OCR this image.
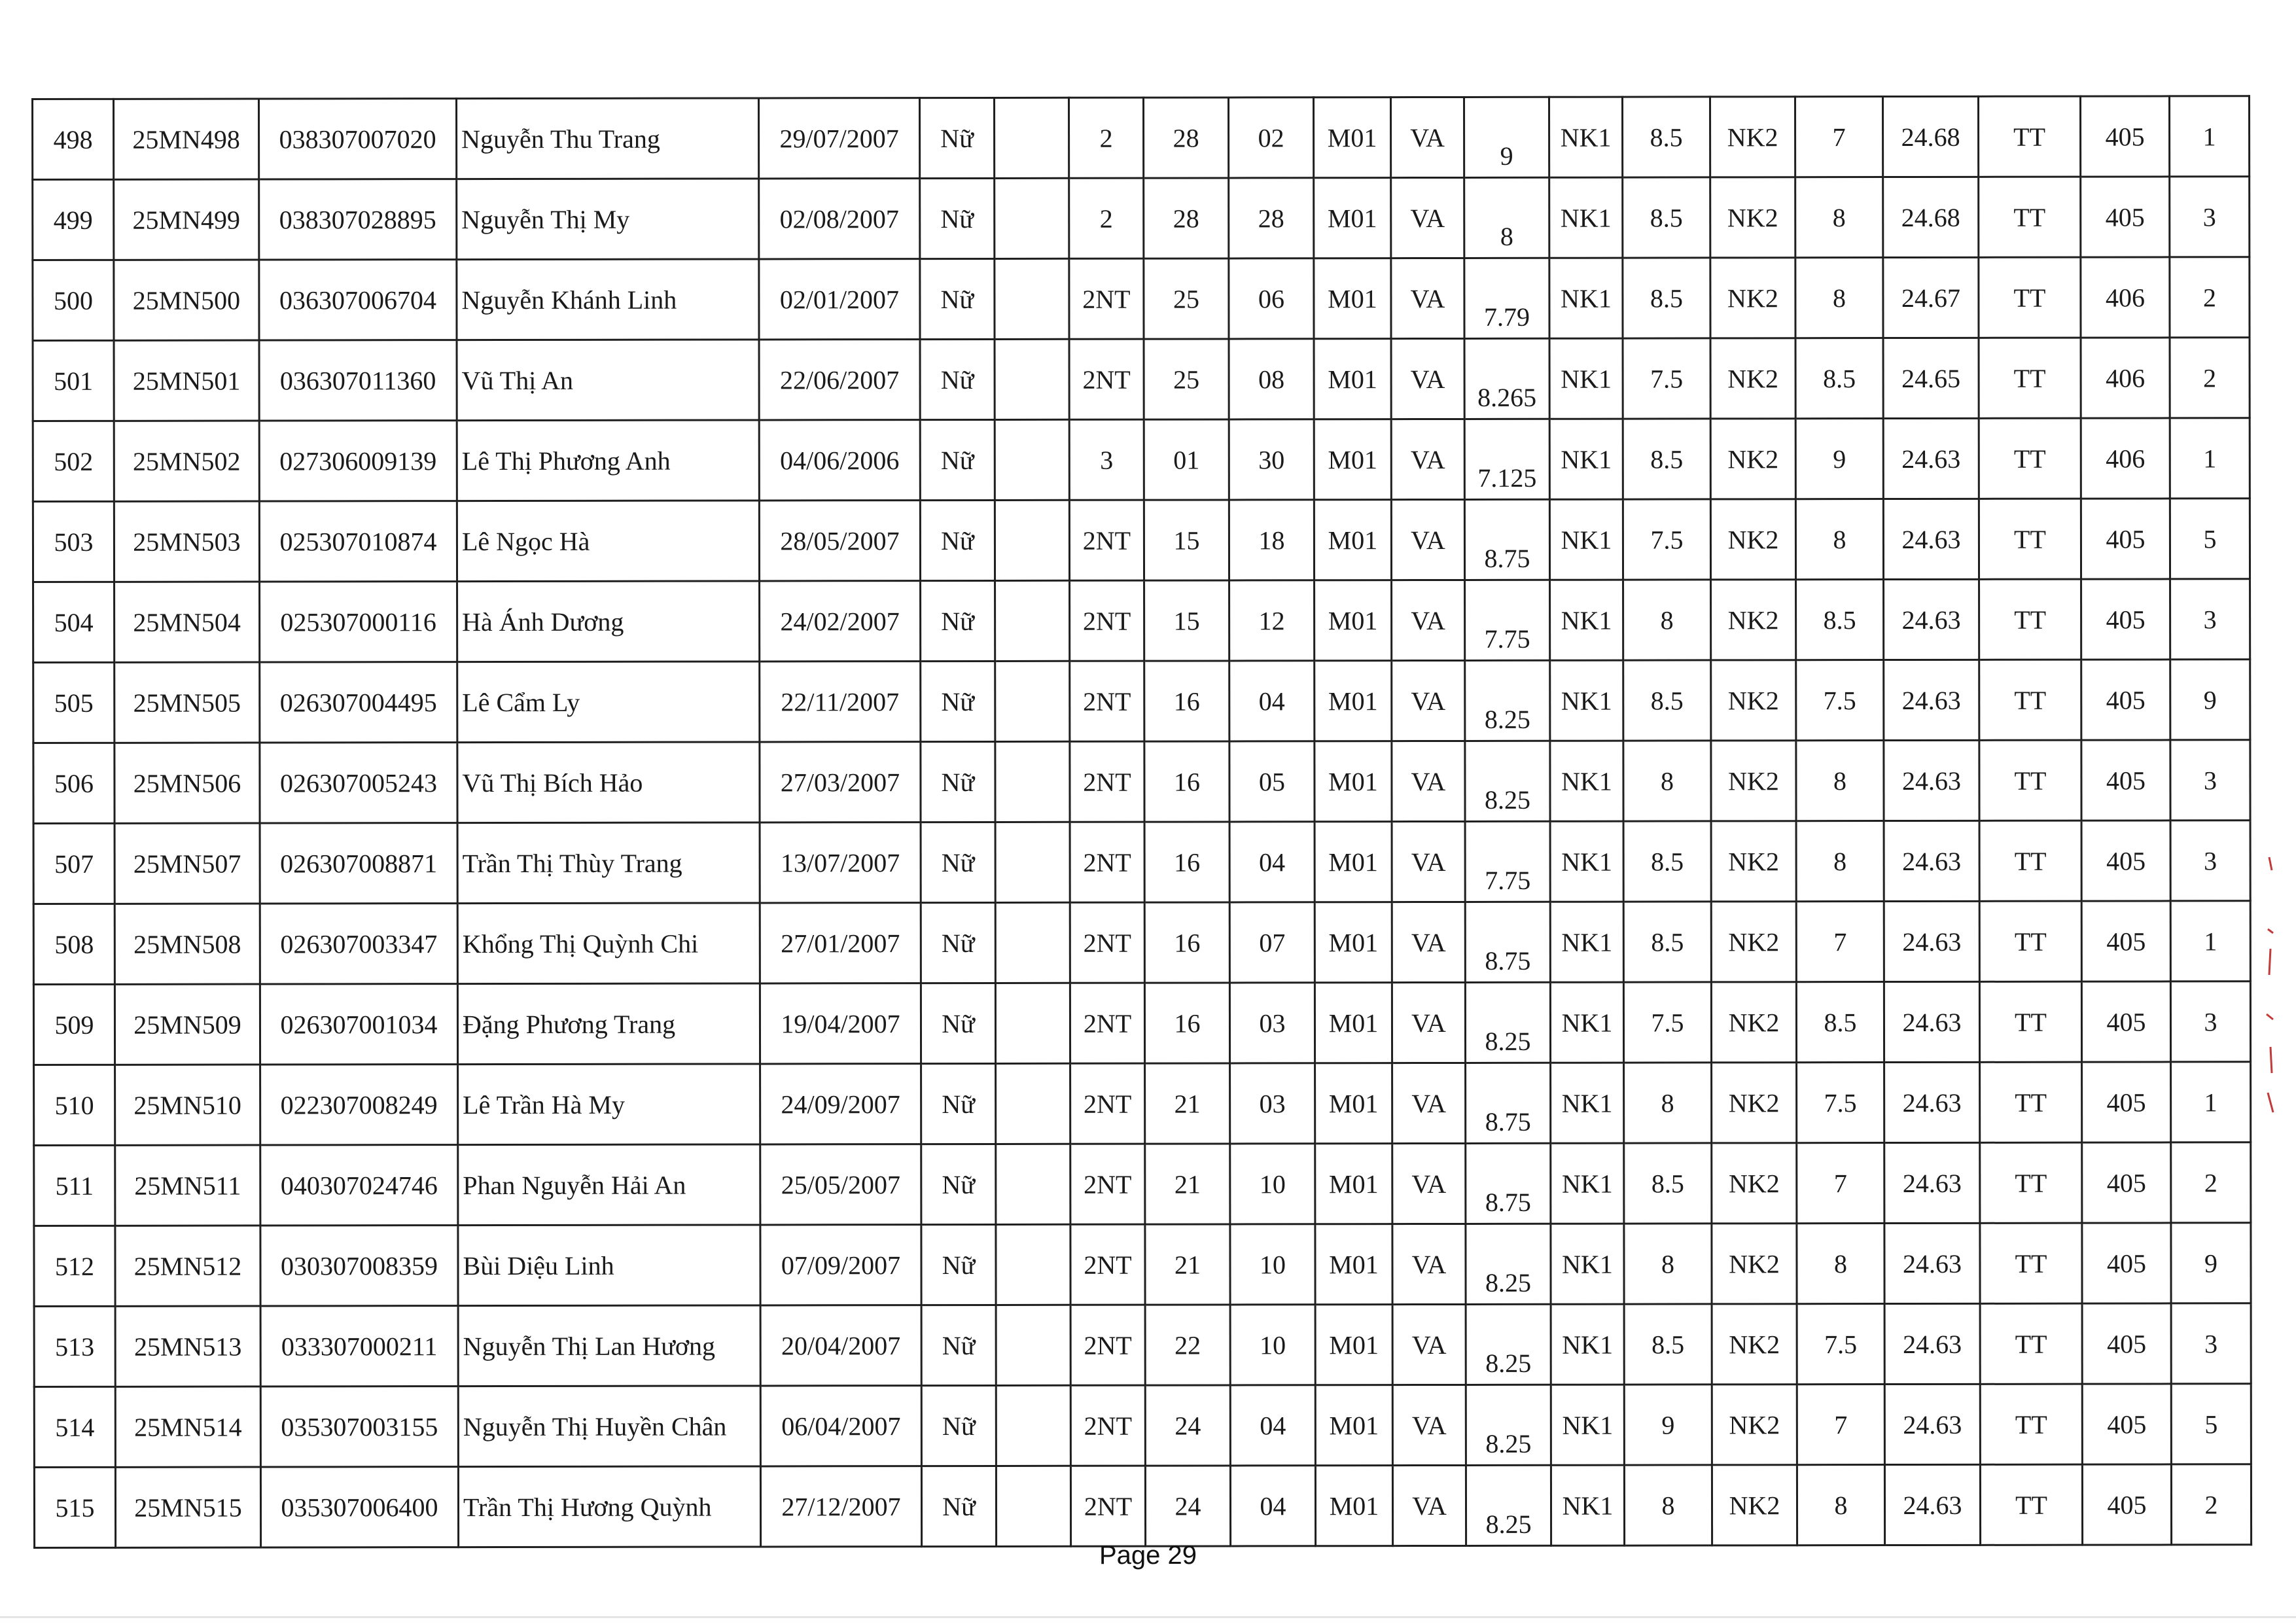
498	25MN498	038307007020	Nguyễn Thu Trang	29/07/2007	Nữ		2	28	02	M01	VA	9	NK1	8.5	NK2	7	24.68	TT	405	1
499	25MN499	038307028895	Nguyễn Thị My	02/08/2007	Nữ		2	28	28	M01	VA	8	NK1	8.5	NK2	8	24.68	TT	405	3
500	25MN500	036307006704	Nguyễn Khánh Linh	02/01/2007	Nữ		2NT	25	06	M01	VA	7.79	NK1	8.5	NK2	8	24.67	TT	406	2
501	25MN501	036307011360	Vũ Thị An	22/06/2007	Nữ		2NT	25	08	M01	VA	8.265	NK1	7.5	NK2	8.5	24.65	TT	406	2
502	25MN502	027306009139	Lê Thị Phương Anh	04/06/2006	Nữ		3	01	30	M01	VA	7.125	NK1	8.5	NK2	9	24.63	TT	406	1
503	25MN503	025307010874	Lê Ngọc Hà	28/05/2007	Nữ		2NT	15	18	M01	VA	8.75	NK1	7.5	NK2	8	24.63	TT	405	5
504	25MN504	025307000116	Hà Ánh Dương	24/02/2007	Nữ		2NT	15	12	M01	VA	7.75	NK1	8	NK2	8.5	24.63	TT	405	3
505	25MN505	026307004495	Lê Cẩm Ly	22/11/2007	Nữ		2NT	16	04	M01	VA	8.25	NK1	8.5	NK2	7.5	24.63	TT	405	9
506	25MN506	026307005243	Vũ Thị Bích Hảo	27/03/2007	Nữ		2NT	16	05	M01	VA	8.25	NK1	8	NK2	8	24.63	TT	405	3
507	25MN507	026307008871	Trần Thị Thùy Trang	13/07/2007	Nữ		2NT	16	04	M01	VA	7.75	NK1	8.5	NK2	8	24.63	TT	405	3
508	25MN508	026307003347	Khổng Thị Quỳnh Chi	27/01/2007	Nữ		2NT	16	07	M01	VA	8.75	NK1	8.5	NK2	7	24.63	TT	405	1
509	25MN509	026307001034	Đặng Phương Trang	19/04/2007	Nữ		2NT	16	03	M01	VA	8.25	NK1	7.5	NK2	8.5	24.63	TT	405	3
510	25MN510	022307008249	Lê Trần Hà My	24/09/2007	Nữ		2NT	21	03	M01	VA	8.75	NK1	8	NK2	7.5	24.63	TT	405	1
511	25MN511	040307024746	Phan Nguyễn Hải An	25/05/2007	Nữ		2NT	21	10	M01	VA	8.75	NK1	8.5	NK2	7	24.63	TT	405	2
512	25MN512	030307008359	Bùi Diệu Linh	07/09/2007	Nữ		2NT	21	10	M01	VA	8.25	NK1	8	NK2	8	24.63	TT	405	9
513	25MN513	033307000211	Nguyễn Thị Lan Hương	20/04/2007	Nữ		2NT	22	10	M01	VA	8.25	NK1	8.5	NK2	7.5	24.63	TT	405	3
514	25MN514	035307003155	Nguyễn Thị Huyền Chân	06/04/2007	Nữ		2NT	24	04	M01	VA	8.25	NK1	9	NK2	7	24.63	TT	405	5
515	25MN515	035307006400	Trần Thị Hương Quỳnh	27/12/2007	Nữ		2NT	24	04	M01	VA	8.25	NK1	8	NK2	8	24.63	TT	405	2
Page 29
